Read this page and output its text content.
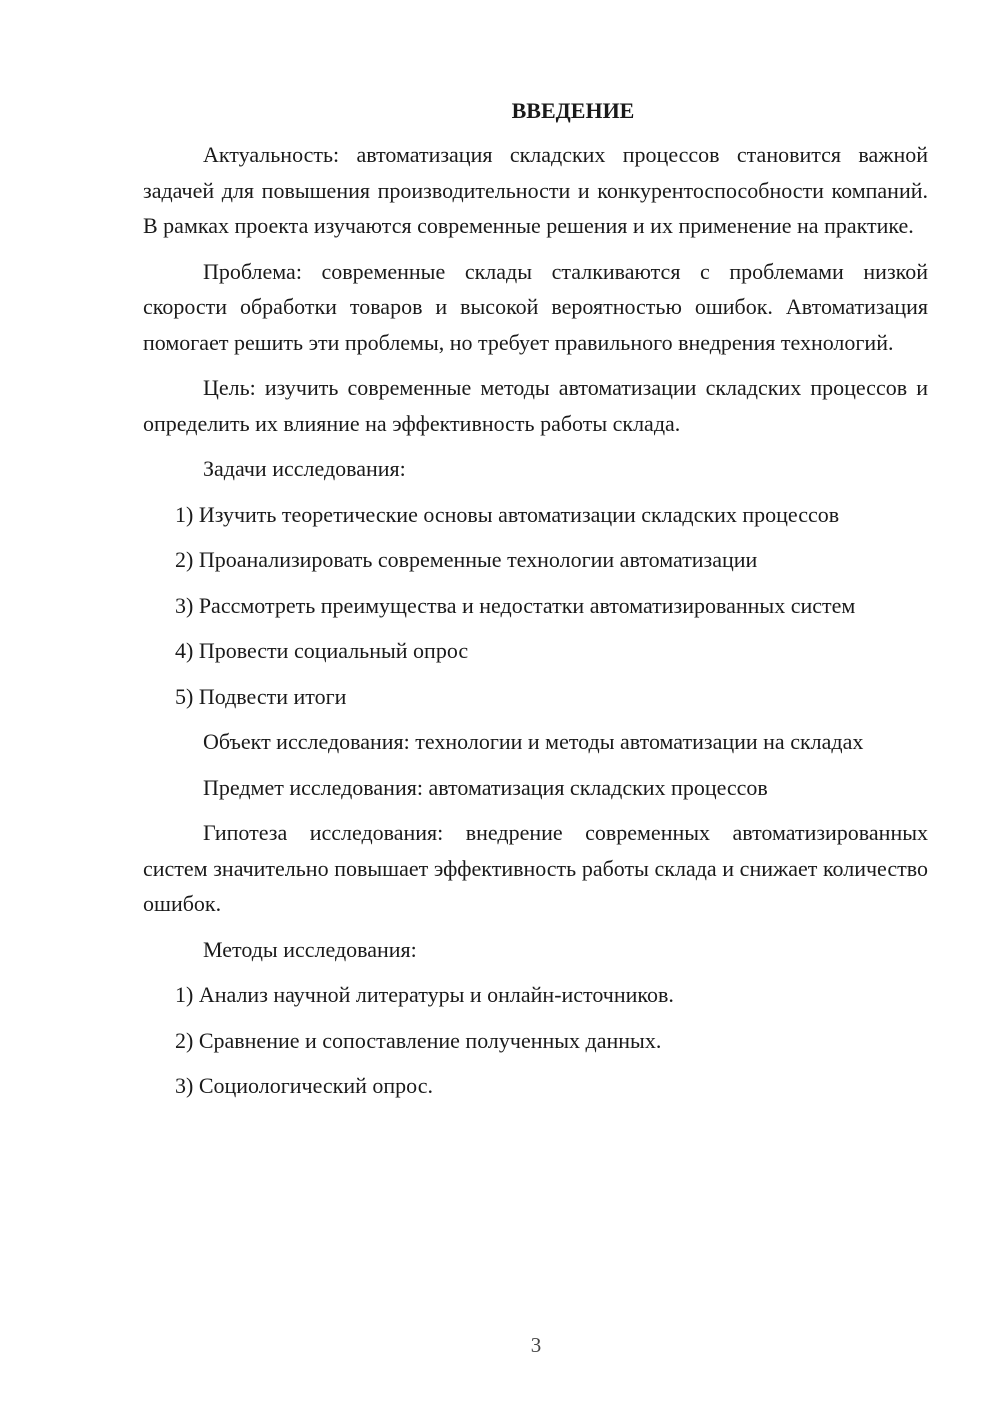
ВВЕДЕНИЕ

Актуальность: автоматизация складских процессов становится важной задачей для повышения производительности и конкурентоспособности компаний. В рамках проекта изучаются современные решения и их применение на практике.

Проблема: современные склады сталкиваются с проблемами низкой скорости обработки товаров и высокой вероятностью ошибок. Автоматизация помогает решить эти проблемы, но требует правильного внедрения технологий.

Цель: изучить современные методы автоматизации складских процессов и определить их влияние на эффективность работы склада.

Задачи исследования:

1) Изучить теоретические основы автоматизации складских процессов

2) Проанализировать современные технологии автоматизации

3) Рассмотреть преимущества и недостатки автоматизированных систем

4) Провести социальный опрос

5) Подвести итоги

Объект исследования: технологии и методы автоматизации на складах

Предмет исследования: автоматизация складских процессов

Гипотеза исследования: внедрение современных автоматизированных систем значительно повышает эффективность работы склада и снижает количество ошибок.

Методы исследования:

1) Анализ научной литературы и онлайн-источников.

2) Сравнение и сопоставление полученных данных.

3) Социологический опрос.

3
